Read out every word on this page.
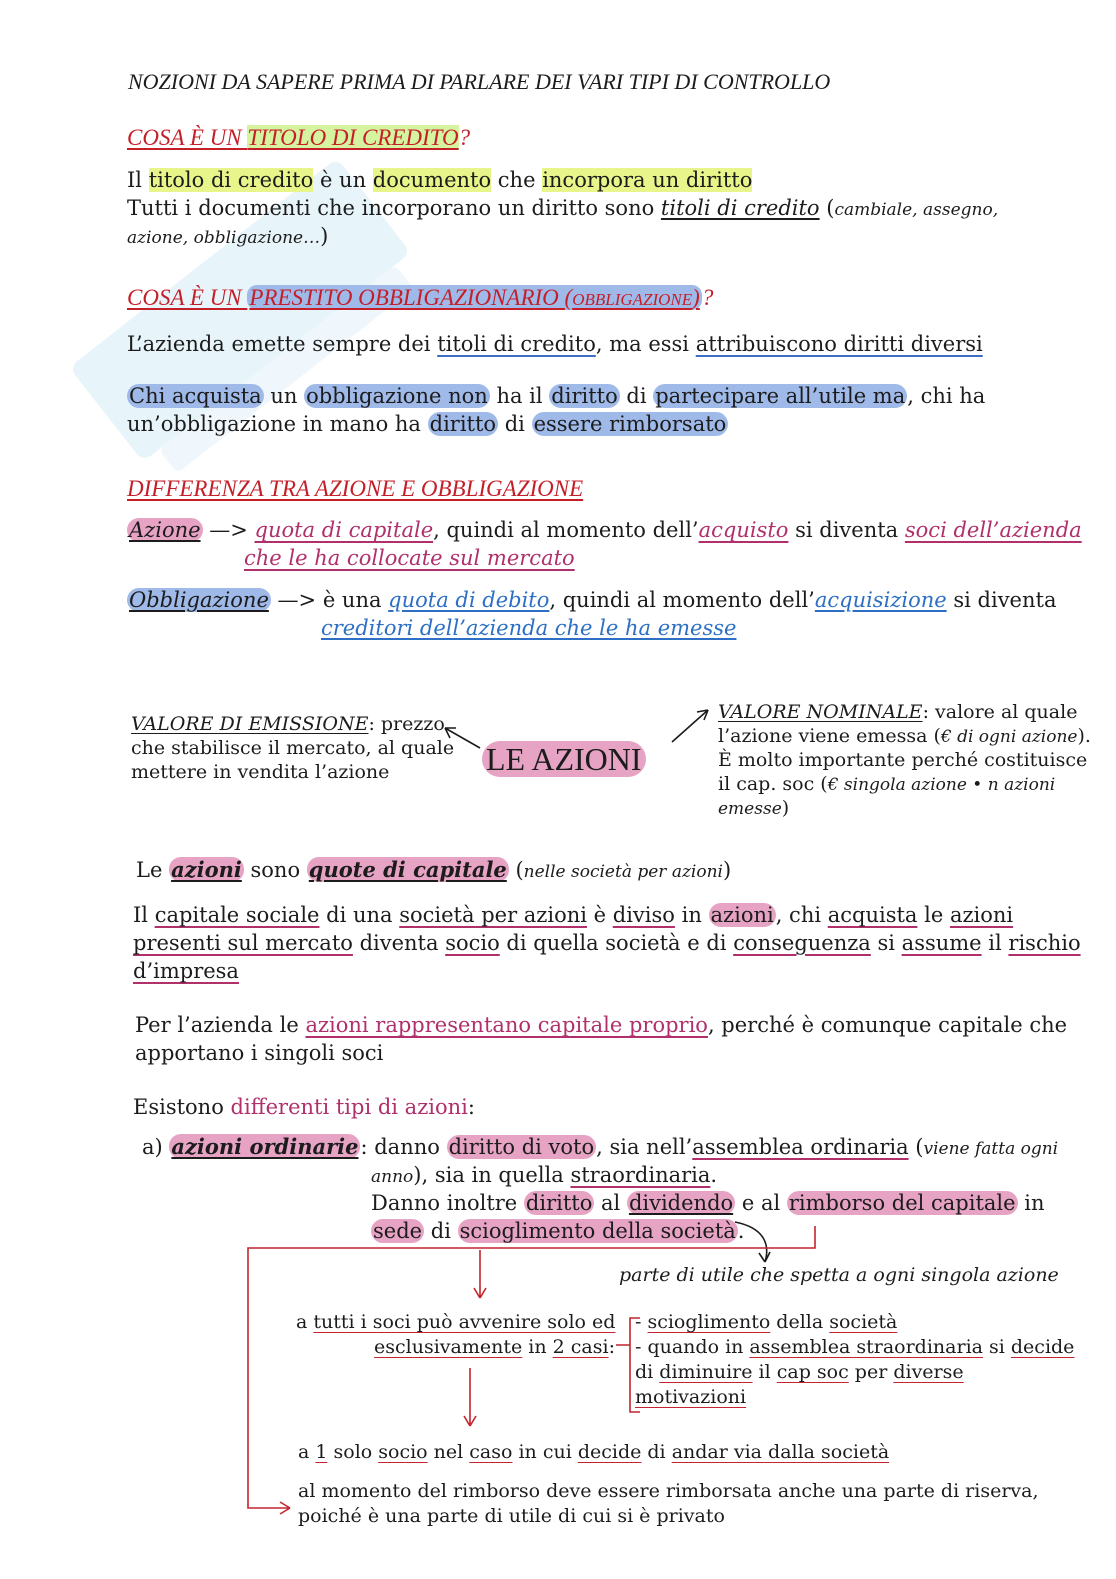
NOZIONI DA SAPERE PRIMA DI PARLARE DEI VARI TIPI DI CONTROLLO
COSA È UN TITOLO DI CREDITO?
Il titolo di credito è un documento che incorpora un diritto
Tutti i documenti che incorporano un diritto sono titoli di credito (cambiale, assegno,
azione, obbligazione…)
COSA È UN PRESTITO OBBLIGAZIONARIO (OBBLIGAZIONE)?
L’azienda emette sempre dei titoli di credito, ma essi attribuiscono diritti diversi
Chi acquista un obbligazione non ha il diritto di partecipare all’utile ma, chi ha
un’obbligazione in mano ha diritto di essere rimborsato
DIFFERENZA TRA AZIONE E OBBLIGAZIONE
Azione —> quota di capitale, quindi al momento dell’acquisto si diventa soci dell’azienda
che le ha collocate sul mercato
Obbligazione —> è una quota di debito, quindi al momento dell’acquisizione si diventa
creditori dell’azienda che le ha emesse
VALORE DI EMISSIONE: prezzo
che stabilisce il mercato, al quale
mettere in vendita l’azione	LE AZIONI
VALORE NOMINALE: valore al quale
l’azione viene emessa (€ di ogni azione).
È molto importante perché costituisce
il cap. soc (€ singola azione • n azioni
emesse)
Le azioni sono quote di capitale (nelle società per azioni)
Il capitale sociale di una società per azioni è diviso in azioni, chi acquista le azioni
presenti sul mercato diventa socio di quella società e di conseguenza si assume il rischio
d’impresa
Per l’azienda le azioni rappresentano capitale proprio, perché è comunque capitale che
apportano i singoli soci
Esistono differenti tipi di azioni:
a) azioni ordinarie: danno diritto di voto, sia nell’assemblea ordinaria (viene fatta ogni
anno), sia in quella straordinaria.
Danno inoltre diritto al dividendo e al rimborso del capitale in
sede di scioglimento della società.
parte di utile che spetta a ogni singola azione
a tutti i soci può avvenire solo ed
esclusivamente in 2 casi:
- scioglimento della società
- quando in assemblea straordinaria si decide
di diminuire il cap soc per diverse
motivazioni
a 1 solo socio nel caso in cui decide di andar via dalla società
al momento del rimborso deve essere rimborsata anche una parte di riserva,
poiché è una parte di utile di cui si è privato
